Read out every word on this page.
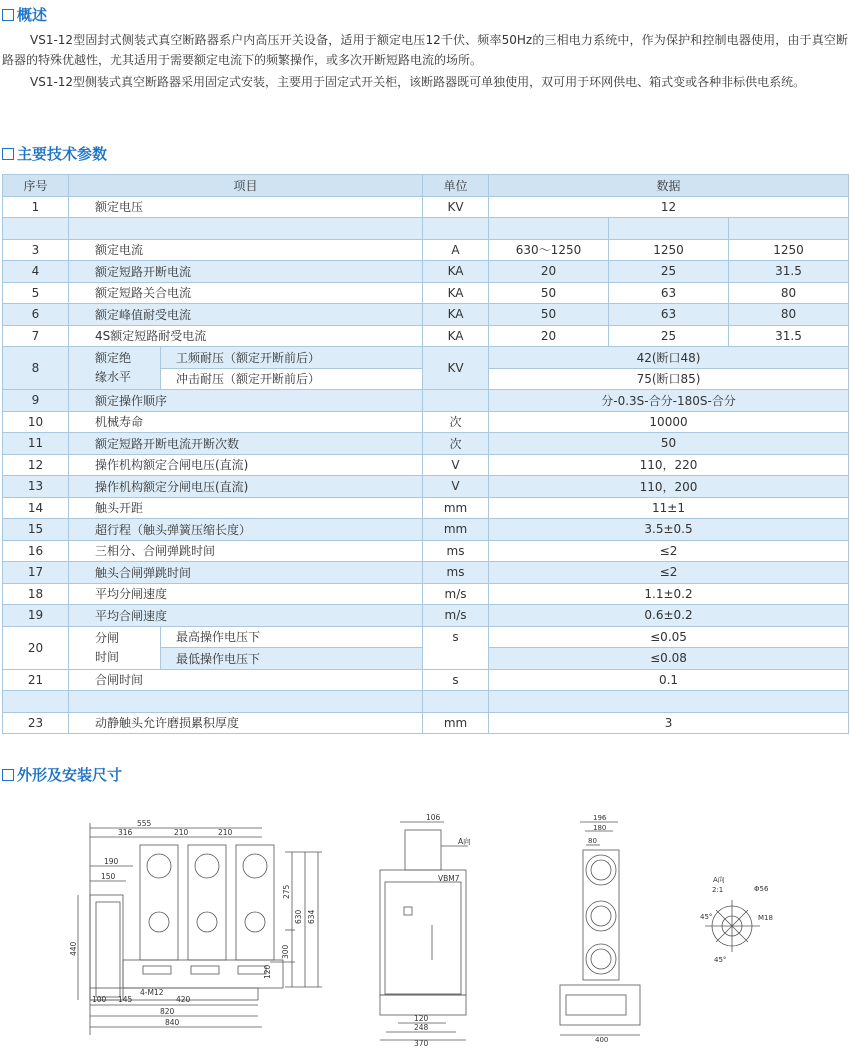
概述

VS1-12型固封式侧装式真空断路器系户内高压开关设备，适用于额定电压12千伏、频率50Hz的三相电力系统中，作为保护和控制电器使用，由于真空断路器的特殊优越性，尤其适用于需要额定电流下的频繁操作，或多次开断短路电流的场所。

VS1-12型侧装式真空断路器采用固定式安装，主要用于固定式开关柜，该断路器既可单独使用，双可用于环网供电、箱式变或各种非标供电系统。

主要技术参数
序号	项目		单位	数据		
1	额定电压		KV	12		

3	额定电流		A	630～1250	1250	1250
4	额定短路开断电流		KA	20	25	31.5
5	额定短路关合电流		KA	50	63	80
6	额定峰值耐受电流		KA	50	63	80
7	4S额定短路耐受电流		KA	20	25	31.5
8	额定绝缘水平	工频耐压（额定开断前后）	KV	42(断口48)		
		冲击耐压（额定开断前后）		75(断口85)		
9	额定操作顺序			分-0.3S-合分-180S-合分		
10	机械寿命		次	10000		
11	额定短路开断电流开断次数		次	50		
12	操作机构额定合闸电压(直流)		V	110，220		
13	操作机构额定分闸电压(直流)		V	110，200		
14	触头开距		mm	11±1		
15	超行程（触头弹簧压缩长度）		mm	3.5±0.5		
16	三相分、合闸弹跳时间		ms	≤2		
17	触头合闸弹跳时间		ms	≤2		
18	平均分闸速度		m/s	1.1±0.2		
19	平均合闸速度		m/s	0.6±0.2		
20	分闸时间	最高操作电压下	s	≤0.05		
		最低操作电压下		≤0.08		
21	合闸时间		s	0.1		

23	动静触头允许磨损累积厚度		mm	3		
外形及安装尺寸
555
316	210	210
190
150
440
100 145	420
820
840
4-M12
275
630 634
300
120
106
A向
VBM7
120
248
370
196
180
80
400
A向
2:1	Φ56
M18
45°
45°
